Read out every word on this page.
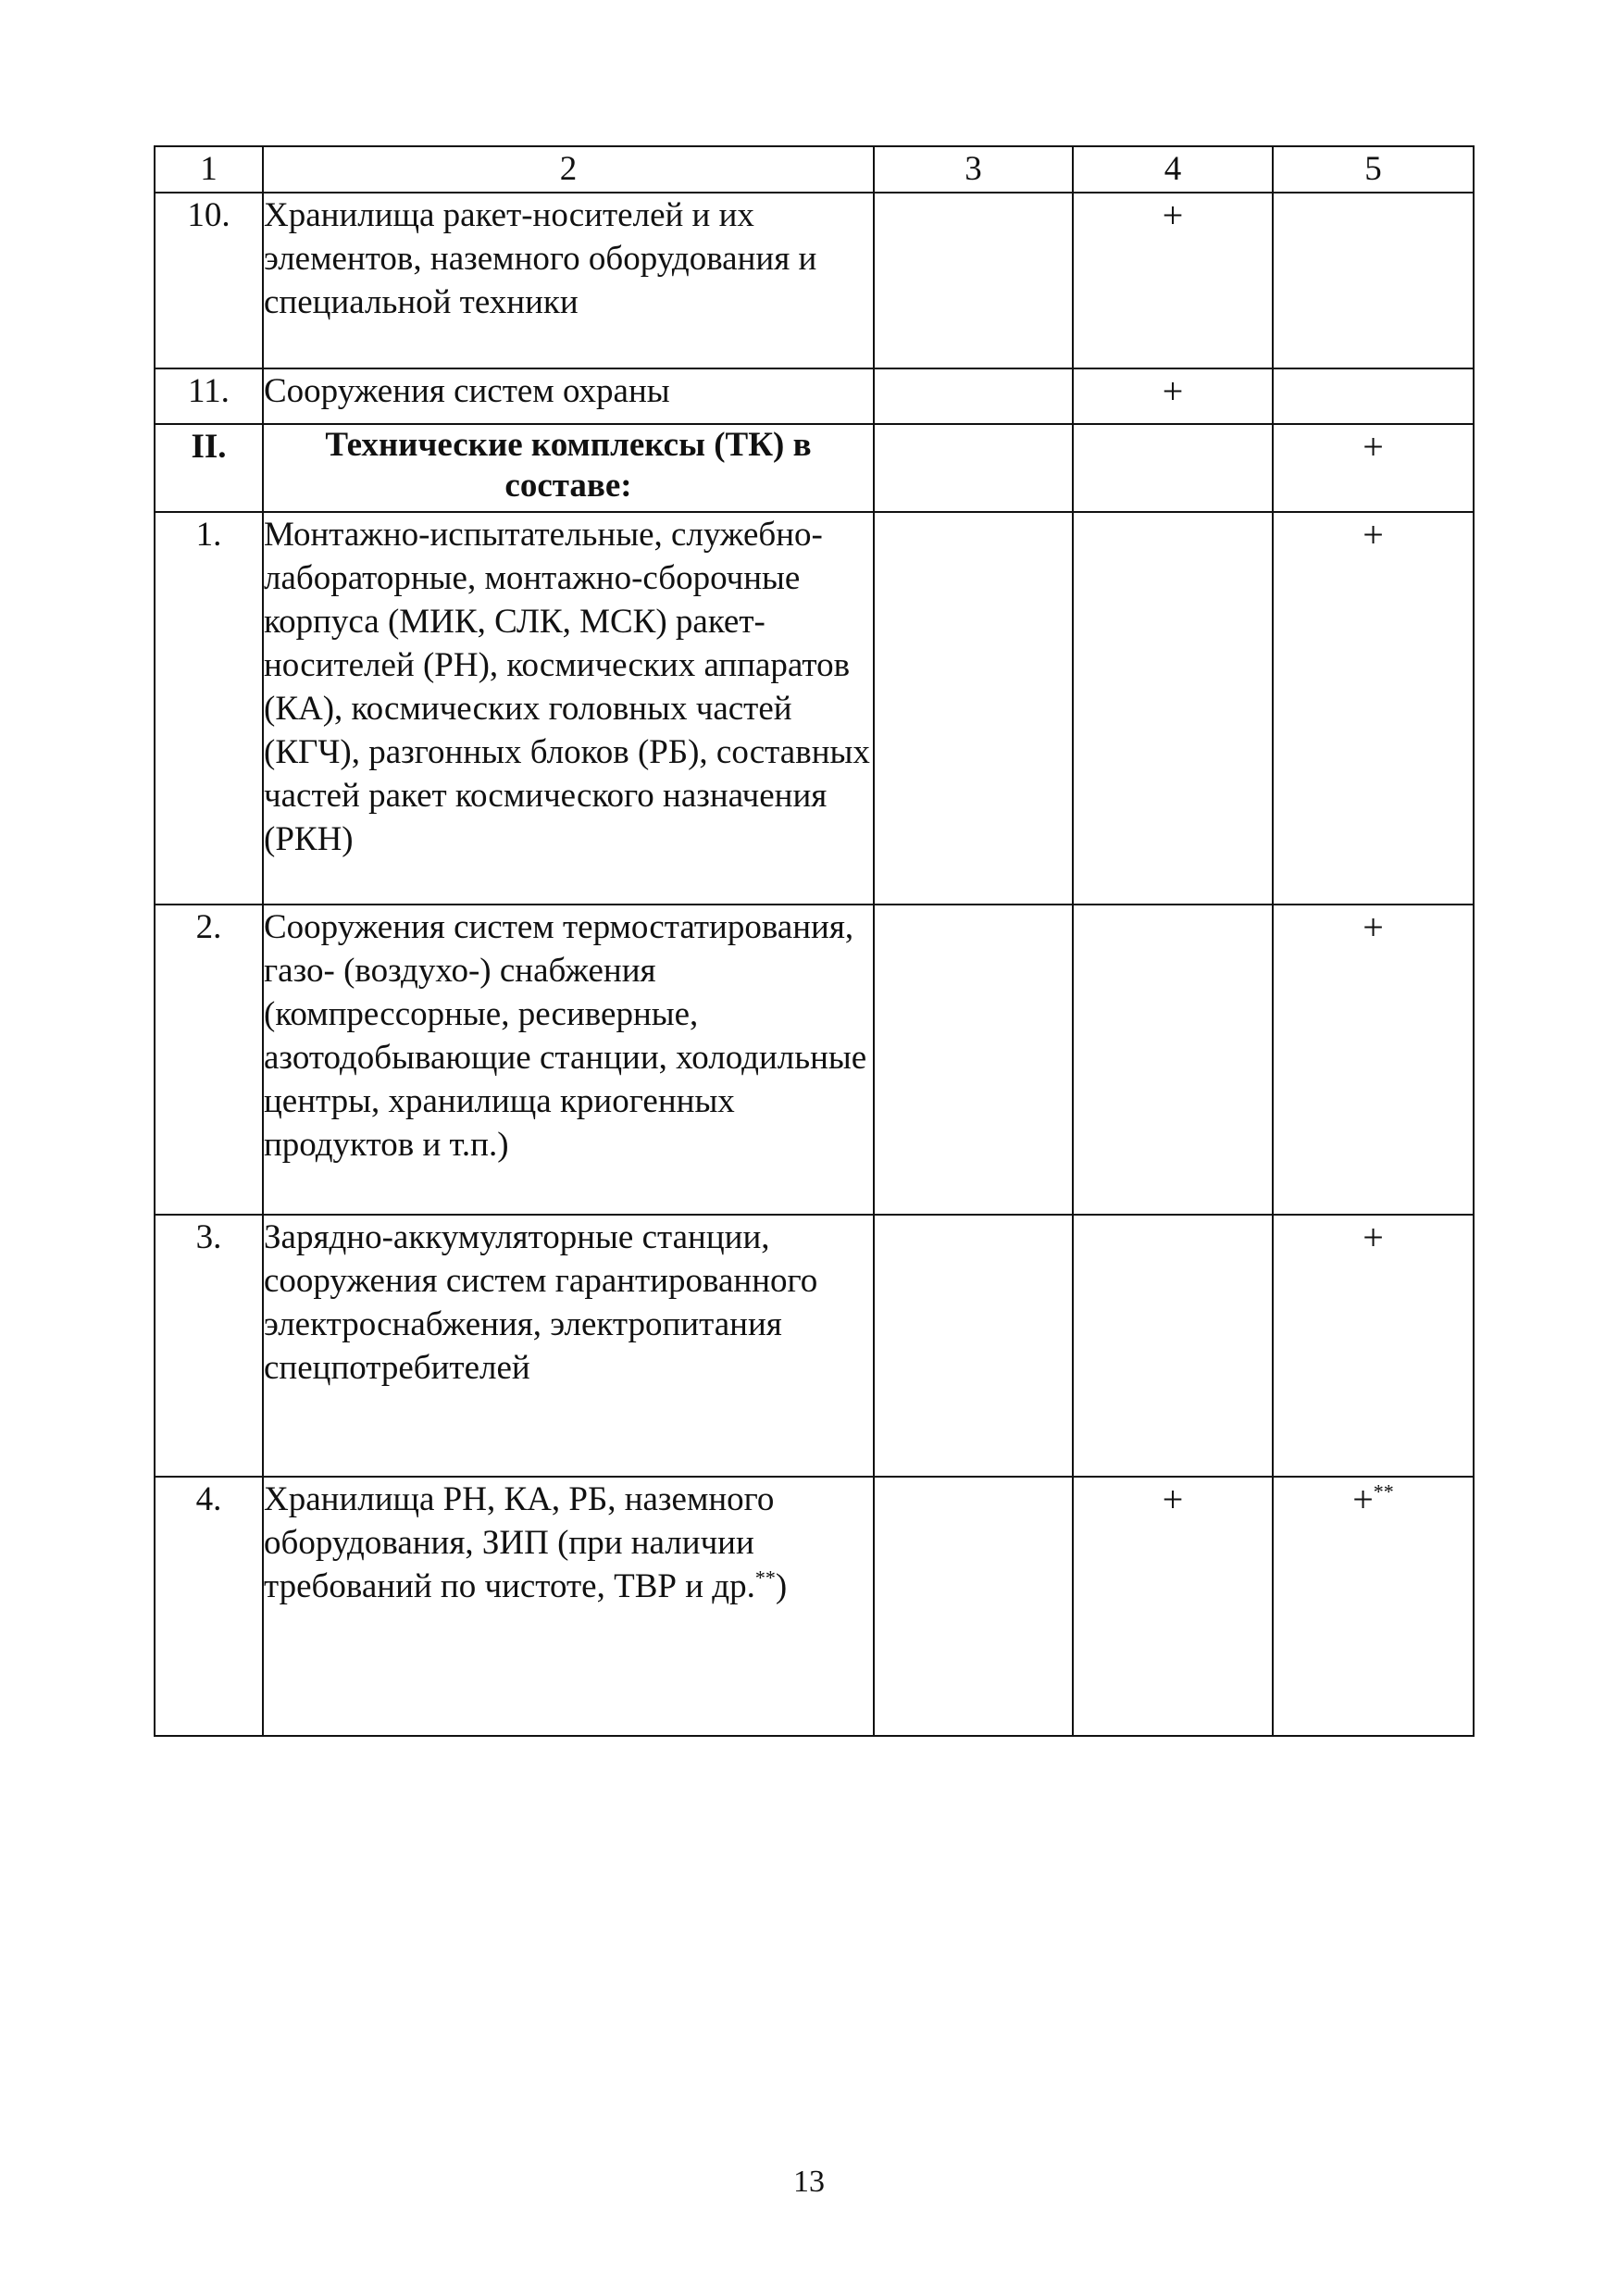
1	2	3	4	5
10.	Хранилища ракет-носителей и их элементов, наземного оборудования и специальной техники		+	
11.	Сооружения систем охраны		+	
II.	Технические комплексы (ТК) в составе:			+
1.	Монтажно-испытательные, служебно-лабораторные, монтажно-сборочные корпуса (МИК, СЛК, МСК) ракет-носителей (РН), космических аппаратов (КА), космических головных частей (КГЧ), разгонных блоков (РБ), составных частей ракет космического назначения (РКН)			+
2.	Сооружения систем термостатирования, газо- (воздухо-) снабжения (компрессорные, ресиверные, азотодобывающие станции, холодильные центры, хранилища криогенных продуктов и т.п.)			+
3.	Зарядно-аккумуляторные станции, сооружения систем гарантированного электроснабжения, электропитания спецпотребителей			+
4.	Хранилища РН, КА, РБ, наземного оборудования, ЗИП (при наличии требований по чистоте, ТВР и др.**)		+	+**
13
